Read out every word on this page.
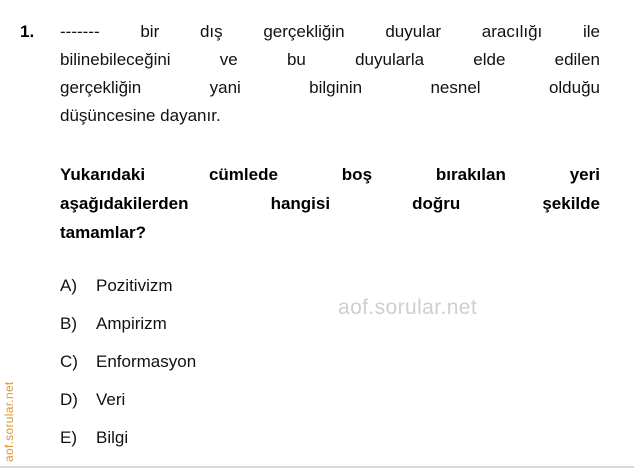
aof.sorular.net
aof.sorular.net
1. ------- bir dış gerçekliğin duyular aracılığı ile
bilinebileceğini	ve	bu	duyularla	elde	edilen
gerçekliğin	yani	bilginin	nesnel	olduğu
düşüncesine dayanır.
Yukarıdaki	cümlede	boş	bırakılan	yeri
aşağıdakilerden	hangisi	doğru	şekilde
tamamlar?
A)	Pozitivizm
B)	Ampirizm
C)	Enformasyon
D)	Veri
E)	Bilgi
